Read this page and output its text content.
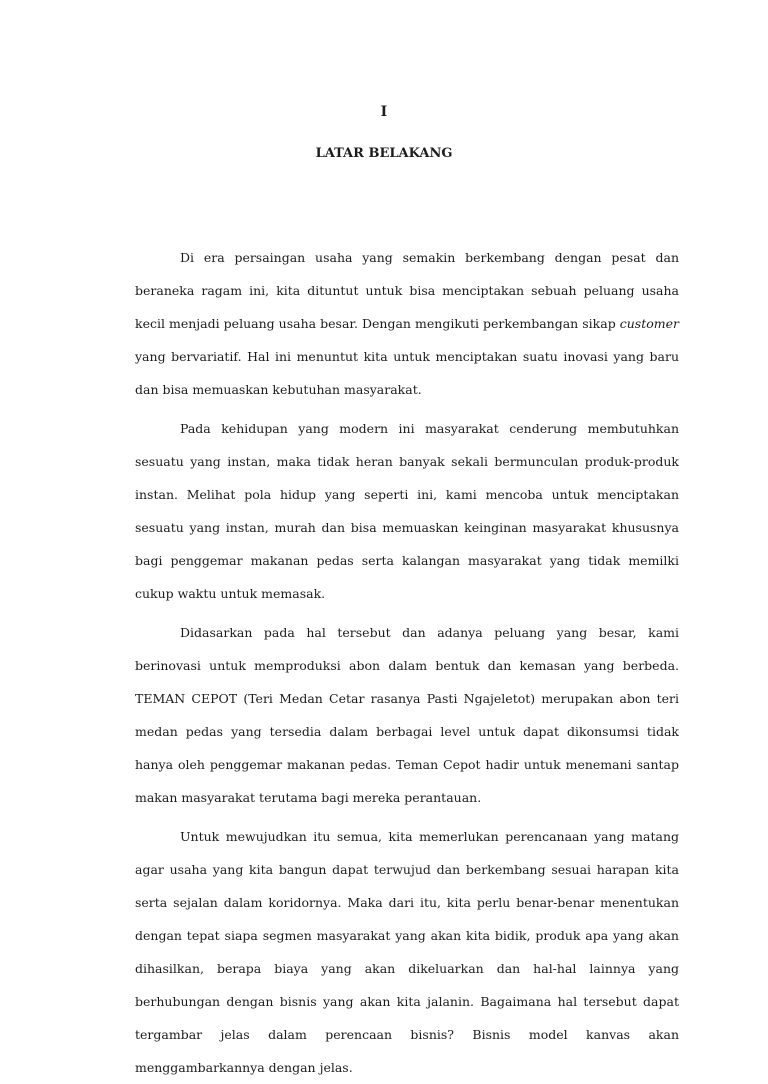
I
LATAR BELAKANG

Di era persaingan usaha yang semakin berkembang dengan pesat dan beraneka ragam ini, kita dituntut untuk bisa menciptakan sebuah peluang usaha kecil menjadi peluang usaha besar. Dengan mengikuti perkembangan sikap customer yang bervariatif. Hal ini menuntut kita untuk menciptakan suatu inovasi yang baru dan bisa memuaskan kebutuhan masyarakat.

Pada kehidupan yang modern ini masyarakat cenderung membutuhkan sesuatu yang instan, maka tidak heran banyak sekali bermunculan produk-produk instan. Melihat pola hidup yang seperti ini, kami mencoba untuk menciptakan sesuatu yang instan, murah dan bisa memuaskan keinginan masyarakat khususnya bagi penggemar makanan pedas serta kalangan masyarakat yang tidak memilki cukup waktu untuk memasak.

Didasarkan pada hal tersebut dan adanya peluang yang besar, kami berinovasi untuk memproduksi abon dalam bentuk dan kemasan yang berbeda. TEMAN CEPOT (Teri Medan Cetar rasanya Pasti Ngajeletot) merupakan abon teri medan pedas yang tersedia dalam berbagai level untuk dapat dikonsumsi tidak hanya oleh penggemar makanan pedas. Teman Cepot hadir untuk menemani santap makan masyarakat terutama bagi mereka perantauan.

Untuk mewujudkan itu semua, kita memerlukan perencanaan yang matang agar usaha yang kita bangun dapat terwujud dan berkembang sesuai harapan kita serta sejalan dalam koridornya. Maka dari itu, kita perlu benar-benar menentukan dengan tepat siapa segmen masyarakat yang akan kita bidik, produk apa yang akan dihasilkan, berapa biaya yang akan dikeluarkan dan hal-hal lainnya yang berhubungan dengan bisnis yang akan kita jalanin. Bagaimana hal tersebut dapat tergambar jelas dalam perencaan bisnis? Bisnis model kanvas akan menggambarkannya dengan jelas.
